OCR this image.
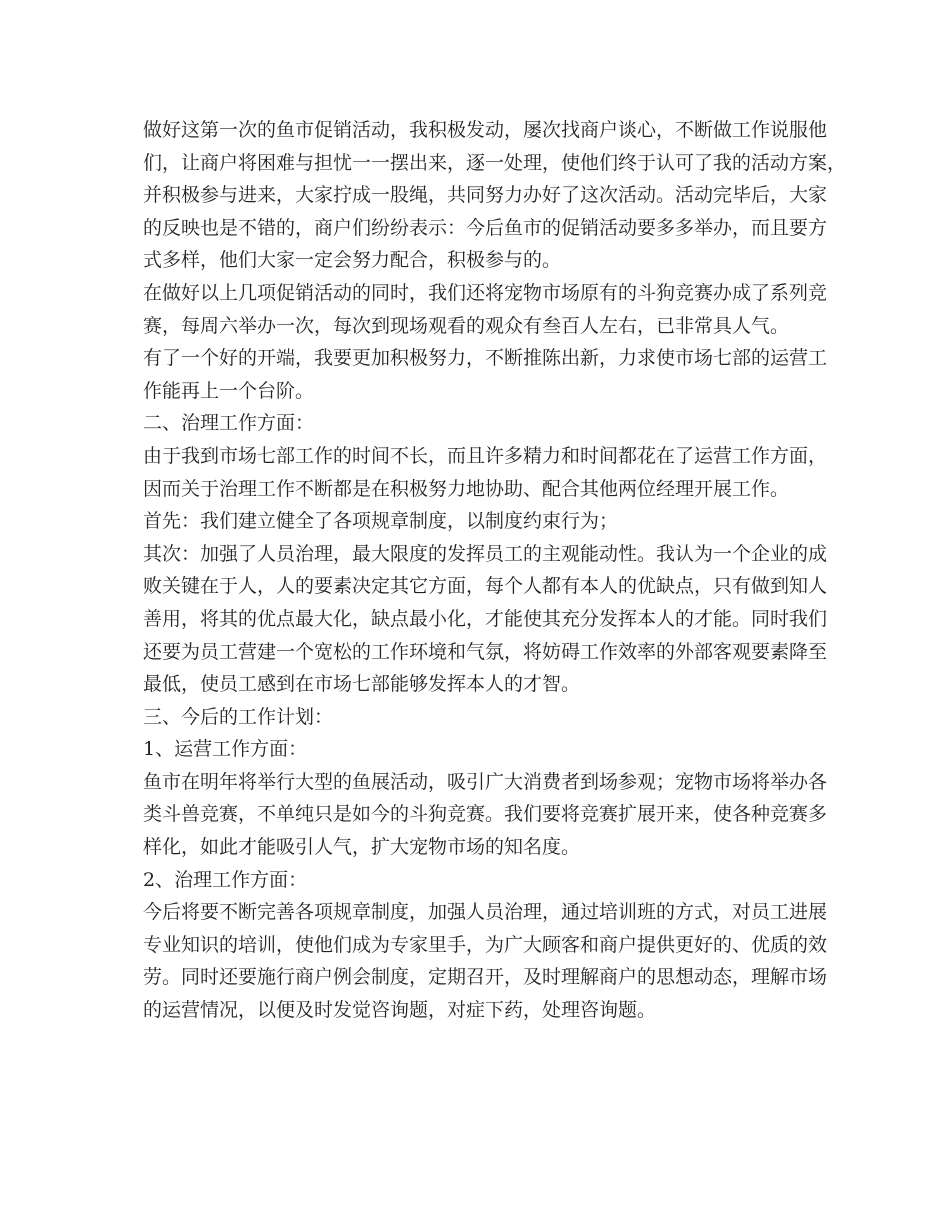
做好这第一次的鱼市促销活动，我积极发动，屡次找商户谈心，不断做工作说服他
们，让商户将困难与担忧一一摆出来，逐一处理，使他们终于认可了我的活动方案，
并积极参与进来，大家拧成一股绳，共同努力办好了这次活动。活动完毕后，大家
的反映也是不错的，商户们纷纷表示：今后鱼市的促销活动要多多举办，而且要方
式多样，他们大家一定会努力配合，积极参与的。
在做好以上几项促销活动的同时，我们还将宠物市场原有的斗狗竞赛办成了系列竞
赛，每周六举办一次，每次到现场观看的观众有叁百人左右，已非常具人气。
有了一个好的开端，我要更加积极努力，不断推陈出新，力求使市场七部的运营工
作能再上一个台阶。
二、治理工作方面：
由于我到市场七部工作的时间不长，而且许多精力和时间都花在了运营工作方面，
因而关于治理工作不断都是在积极努力地协助、配合其他两位经理开展工作。
首先：我们建立健全了各项规章制度，以制度约束行为；
其次：加强了人员治理，最大限度的发挥员工的主观能动性。我认为一个企业的成
败关键在于人，人的要素决定其它方面，每个人都有本人的优缺点，只有做到知人
善用，将其的优点最大化，缺点最小化，才能使其充分发挥本人的才能。同时我们
还要为员工营建一个宽松的工作环境和气氛，将妨碍工作效率的外部客观要素降至
最低，使员工感到在市场七部能够发挥本人的才智。
三、今后的工作计划：
1、运营工作方面：
鱼市在明年将举行大型的鱼展活动，吸引广大消费者到场参观；宠物市场将举办各
类斗兽竞赛，不单纯只是如今的斗狗竞赛。我们要将竞赛扩展开来，使各种竞赛多
样化，如此才能吸引人气，扩大宠物市场的知名度。
2、治理工作方面：
今后将要不断完善各项规章制度，加强人员治理，通过培训班的方式，对员工进展
专业知识的培训，使他们成为专家里手，为广大顾客和商户提供更好的、优质的效
劳。同时还要施行商户例会制度，定期召开，及时理解商户的思想动态，理解市场
的运营情况，以便及时发觉咨询题，对症下药，处理咨询题。
